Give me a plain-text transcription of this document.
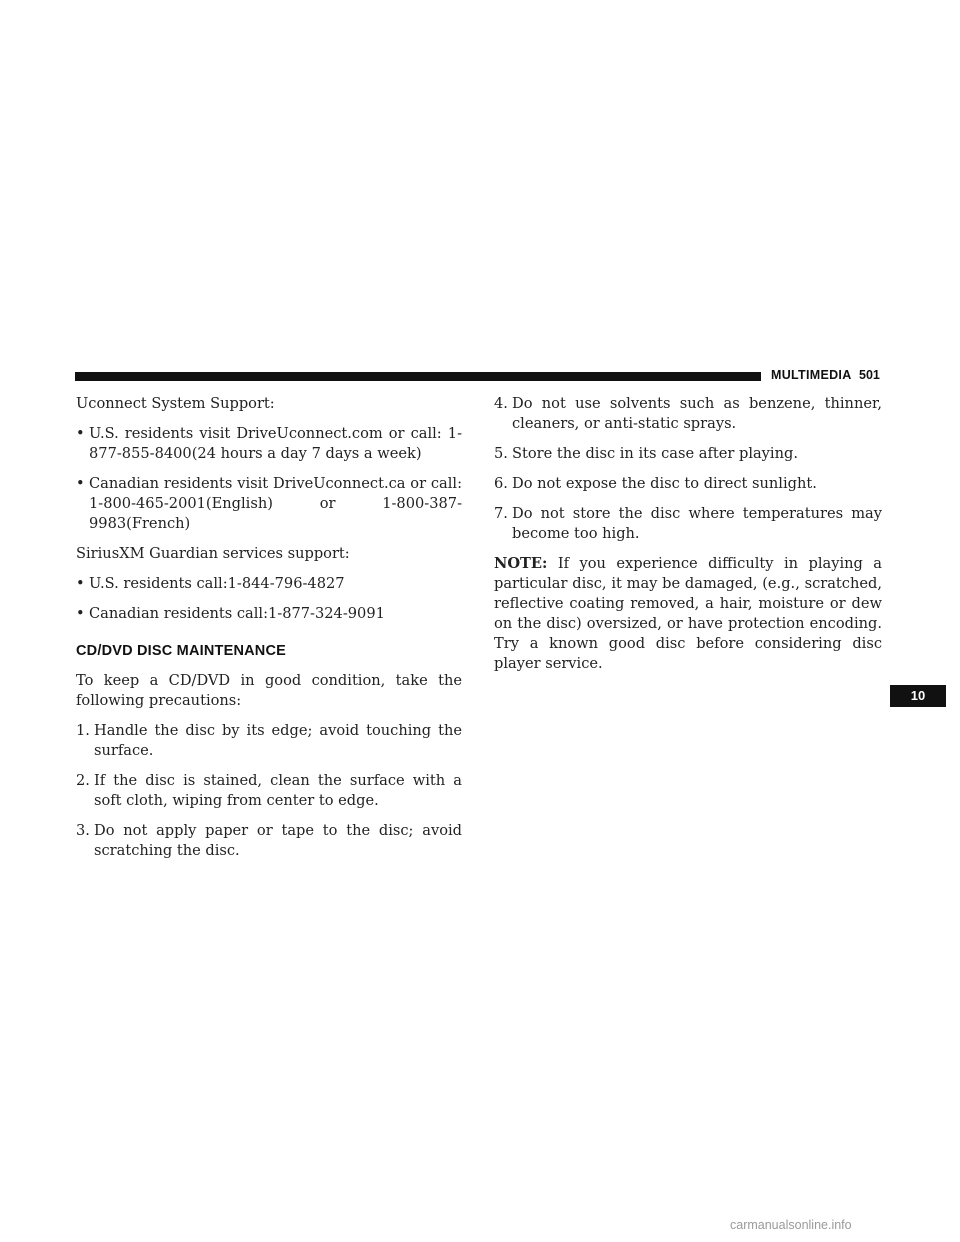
MULTIMEDIA 501

Uconnect System Support:

• U.S. residents visit DriveUconnect.com or call: 1-877-855-8400(24 hours a day 7 days a week)
• Canadian residents visit DriveUconnect.ca or call: 1-800-465-2001(English) or 1-800-387-9983(French)

SiriusXM Guardian services support:

• U.S. residents call:1-844-796-4827
• Canadian residents call:1-877-324-9091

CD/DVD DISC MAINTENANCE

To keep a CD/DVD in good condition, take the following precautions:

1. Handle the disc by its edge; avoid touching the surface.
2. If the disc is stained, clean the surface with a soft cloth, wiping from center to edge.
3. Do not apply paper or tape to the disc; avoid scratching the disc.
4. Do not use solvents such as benzene, thinner, cleaners, or anti-static sprays.
5. Store the disc in its case after playing.
6. Do not expose the disc to direct sunlight.
7. Do not store the disc where temperatures may become too high.

NOTE: If you experience difficulty in playing a particular disc, it may be damaged, (e.g., scratched, reflective coating removed, a hair, moisture or dew on the disc) oversized, or have protection encoding. Try a known good disc before considering disc player service.

10
carmanualsonline.info
